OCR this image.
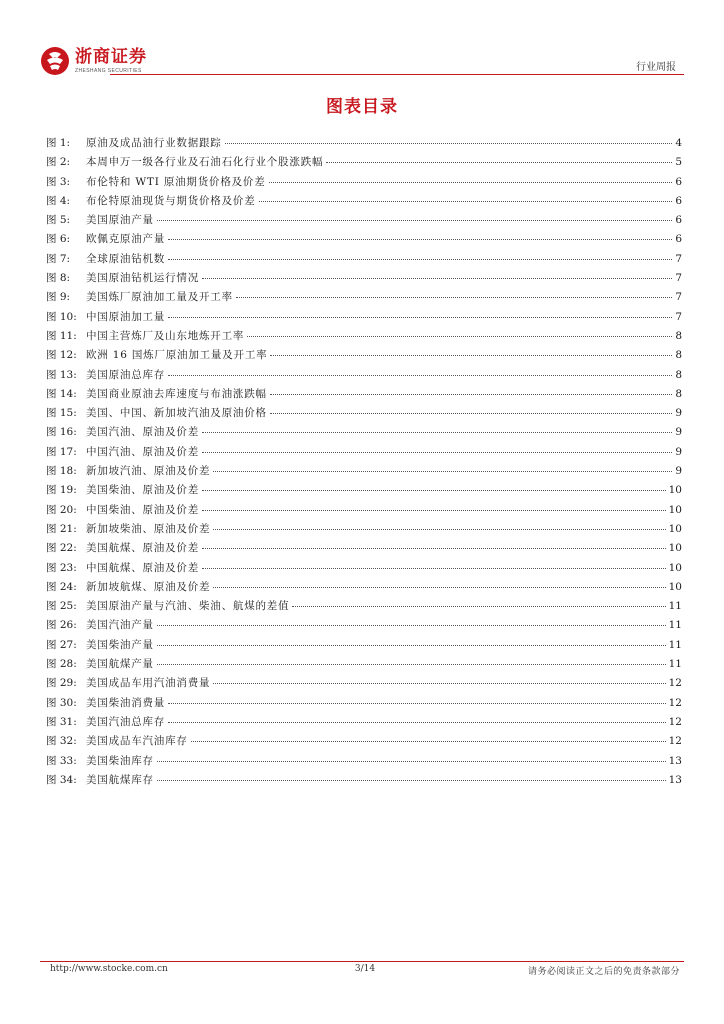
浙商证券
ZHESHANG SECURITIES	行业周报
图表目录
图 1:	原油及成品油行业数据跟踪	4
图 2:	本周申万一级各行业及石油石化行业个股涨跌幅	5
图 3:	布伦特和 WTI 原油期货价格及价差	6
图 4:	布伦特原油现货与期货价格及价差	6
图 5:	美国原油产量	6
图 6:	欧佩克原油产量	6
图 7:	全球原油钻机数	7
图 8:	美国原油钻机运行情况	7
图 9:	美国炼厂原油加工量及开工率	7
图 10: 中国原油加工量	7
图 11: 中国主营炼厂及山东地炼开工率	8
图 12: 欧洲 16 国炼厂原油加工量及开工率	8
图 13: 美国原油总库存	8
图 14: 美国商业原油去库速度与布油涨跌幅	8
图 15: 美国、中国、新加坡汽油及原油价格	9
图 16: 美国汽油、原油及价差	9
图 17: 中国汽油、原油及价差	9
图 18: 新加坡汽油、原油及价差	9
图 19: 美国柴油、原油及价差	10
图 20: 中国柴油、原油及价差	10
图 21: 新加坡柴油、原油及价差	10
图 22: 美国航煤、原油及价差	10
图 23: 中国航煤、原油及价差	10
图 24: 新加坡航煤、原油及价差	10
图 25: 美国原油产量与汽油、柴油、航煤的差值	11
图 26: 美国汽油产量	11
图 27: 美国柴油产量	11
图 28: 美国航煤产量	11
图 29: 美国成品车用汽油消费量	12
图 30: 美国柴油消费量	12
图 31: 美国汽油总库存	12
图 32: 美国成品车汽油库存	12
图 33: 美国柴油库存	13
图 34: 美国航煤库存	13
http://www.stocke.com.cn	3/14	请务必阅读正文之后的免责条款部分
